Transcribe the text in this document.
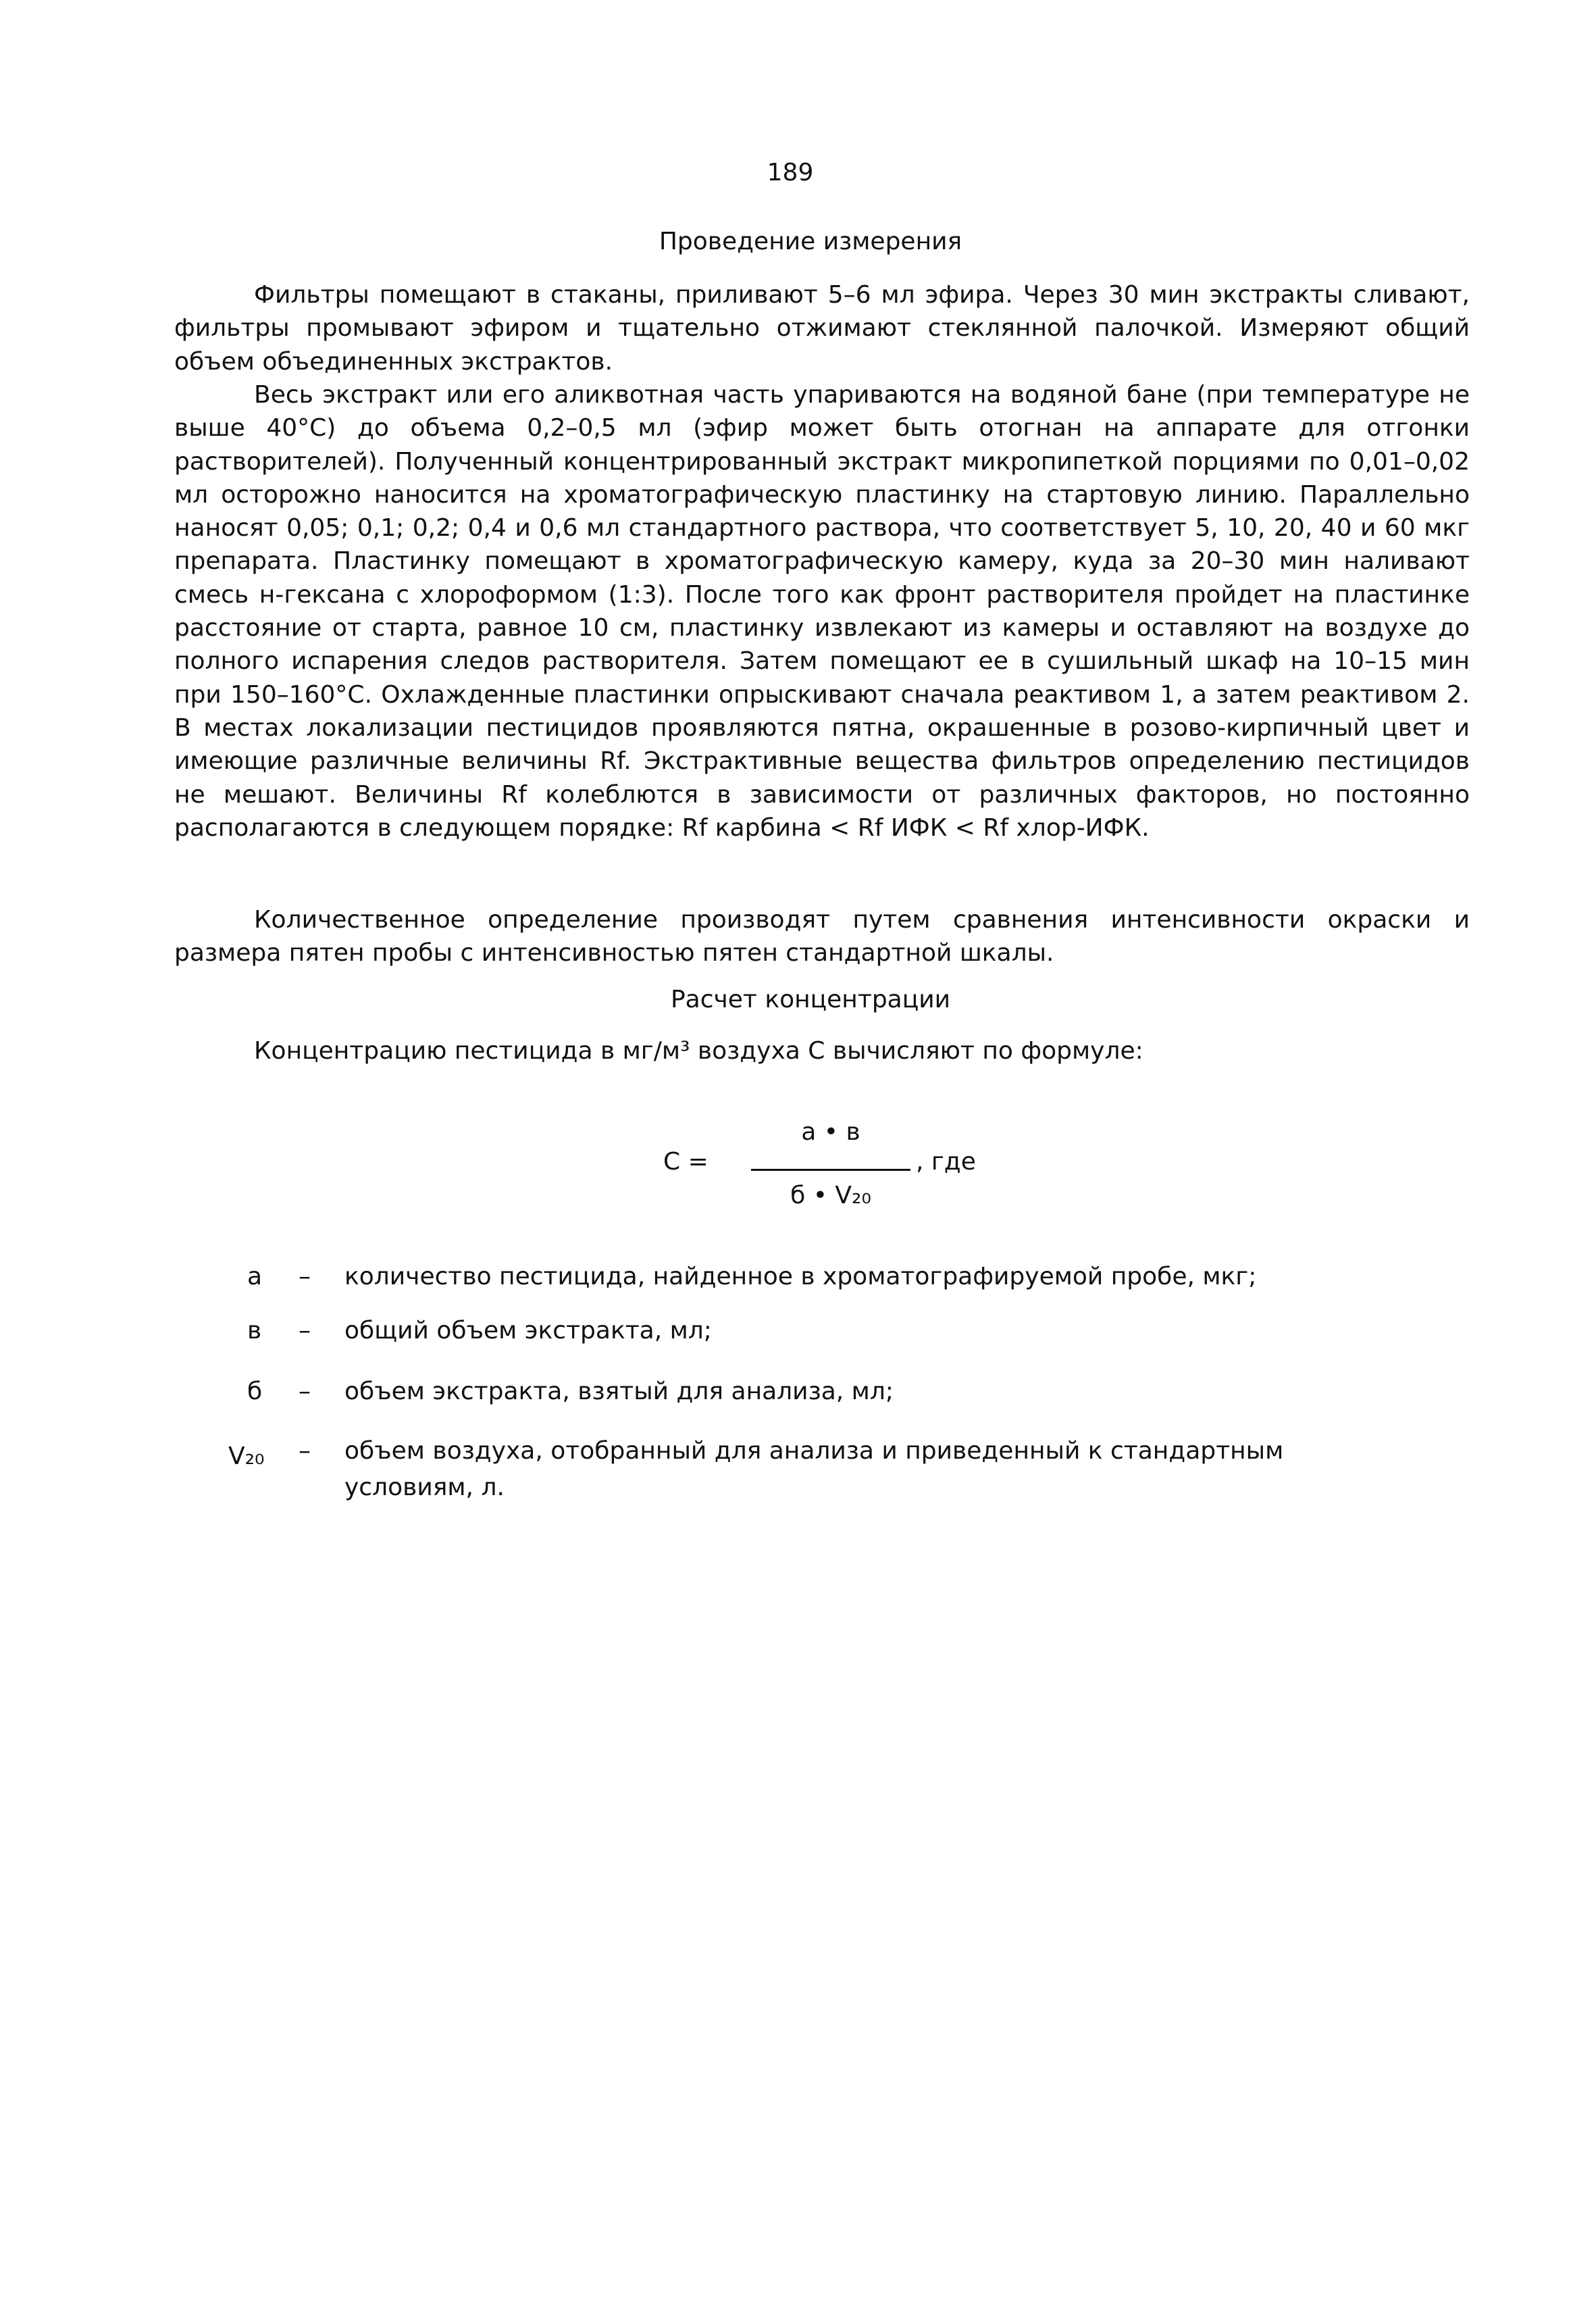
189
Проведение измерения
Фильтры помещают в стаканы, приливают 5–6 мл эфира. Через 30 мин экстракты сливают, фильтры промывают эфиром и тщательно отжимают стеклянной палочкой. Измеряют общий объем объединенных экстрактов.
Весь экстракт или его аликвотная часть упариваются на водяной бане (при температуре не выше 40°С) до объема 0,2–0,5 мл (эфир может быть отогнан на аппарате для отгонки растворителей). Полученный концентрированный экстракт микропипеткой порциями по 0,01–0,02 мл осторожно наносится на хроматографическую пластинку на стартовую линию. Параллельно наносят 0,05; 0,1; 0,2; 0,4 и 0,6 мл стандартного раствора, что соответствует 5, 10, 20, 40 и 60 мкг препарата. Пластинку помещают в хроматографическую камеру, куда за 20–30 мин наливают смесь н-гексана с хлороформом (1:3). После того как фронт растворителя пройдет на пластинке расстояние от старта, равное 10 см, пластинку извлекают из камеры и оставляют на воздухе до полного испарения следов растворителя. Затем помещают ее в сушильный шкаф на 10–15 мин при 150–160°С. Охлажденные пластинки опрыскивают сначала реактивом 1, а затем реактивом 2. В местах локализации пестицидов проявляются пятна, окрашенные в розово-кирпичный цвет и имеющие различные величины Rf. Экстрактивные вещества фильтров определению пестицидов не мешают. Величины Rf колеблются в зависимости от различных факторов, но постоянно располагаются в следующем порядке: Rf карбина < Rf ИФК < Rf хлор-ИФК.
Количественное определение производят путем сравнения интенсивности окраски и размера пятен пробы с интенсивностью пятен стандартной шкалы.
Расчет концентрации
Концентрацию пестицида в мг/м³ воздуха С вычисляют по формуле:
С =
а • в
б • V₂₀
, где
а – количество пестицида, найденное в хроматографируемой пробе, мкг;
в – общий объем экстракта, мл;
б – объем экстракта, взятый для анализа, мл;
V₂₀ – объем воздуха, отобранный для анализа и приведенный к стандартным условиям, л.
